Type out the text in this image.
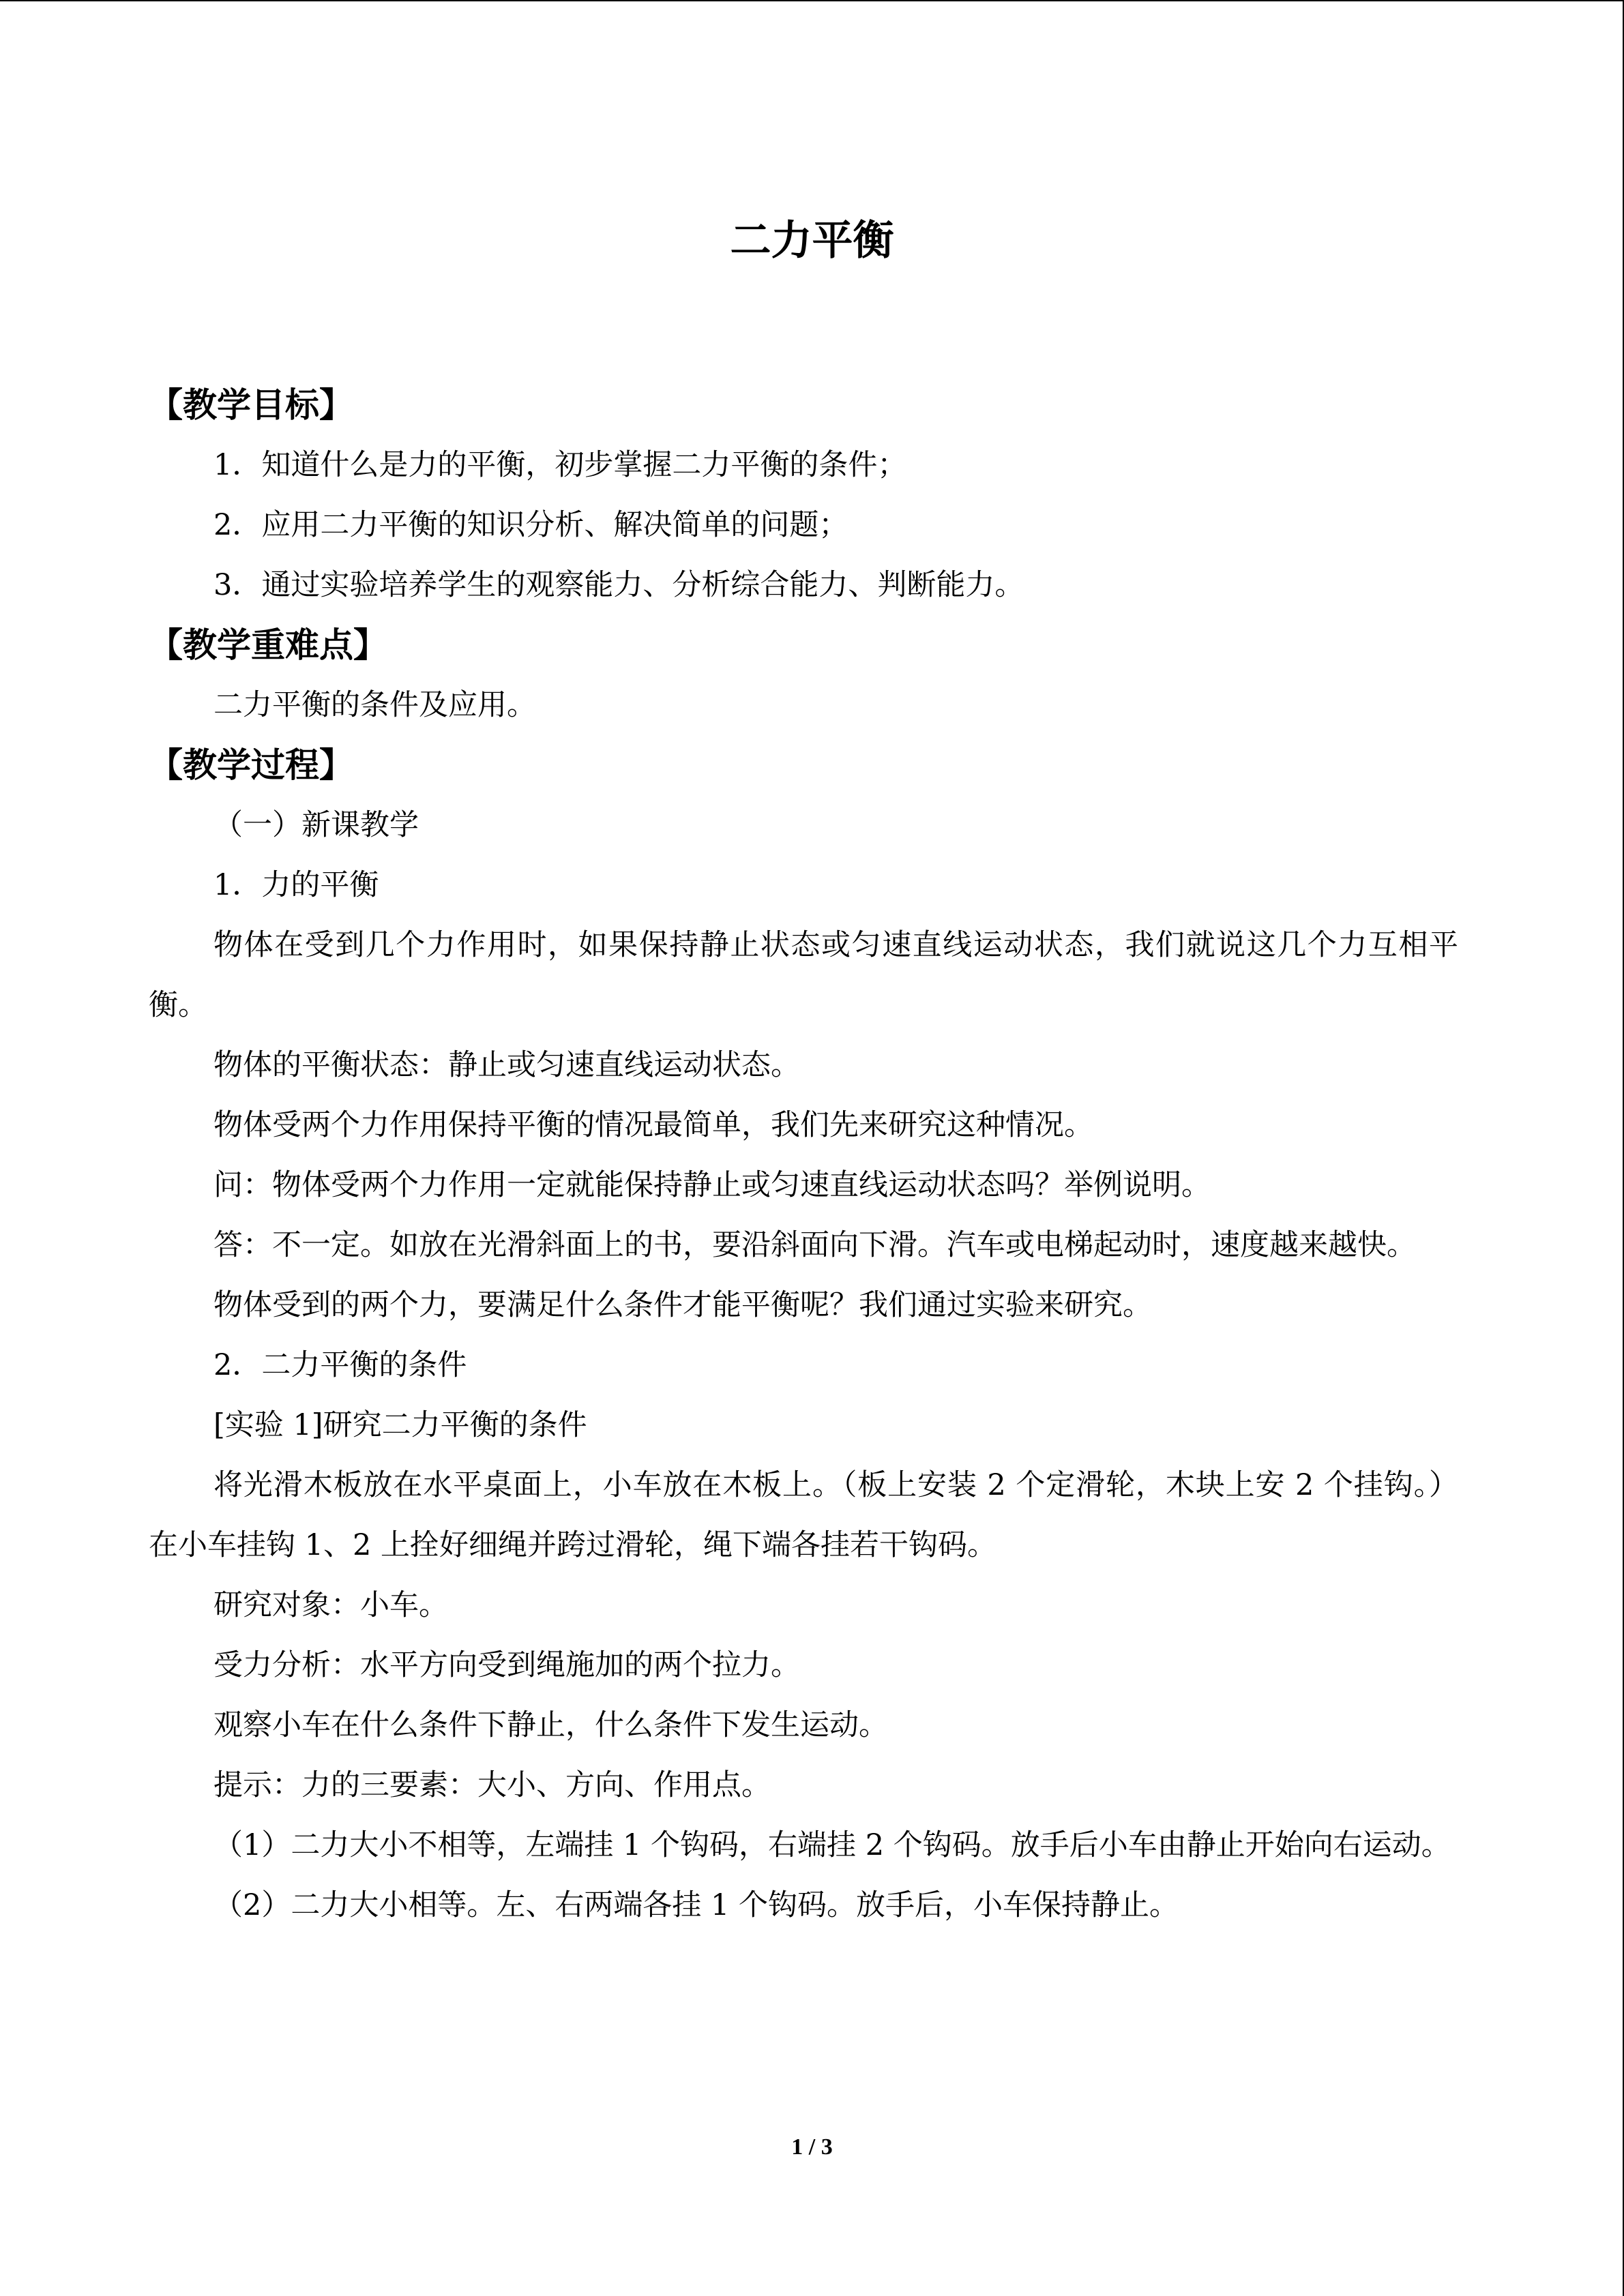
二力平衡
【教学目标】

1．知道什么是力的平衡，初步掌握二力平衡的条件；

2．应用二力平衡的知识分析、解决简单的问题；

3．通过实验培养学生的观察能力、分析综合能力、判断能力。

【教学重难点】

二力平衡的条件及应用。

【教学过程】

（一）新课教学

1．力的平衡

物体在受到几个力作用时，如果保持静止状态或匀速直线运动状态，我们就说这几个力互相平衡。

物体的平衡状态：静止或匀速直线运动状态。

物体受两个力作用保持平衡的情况最简单，我们先来研究这种情况。

问：物体受两个力作用一定就能保持静止或匀速直线运动状态吗？举例说明。

答：不一定。如放在光滑斜面上的书，要沿斜面向下滑。汽车或电梯起动时，速度越来越快。

物体受到的两个力，要满足什么条件才能平衡呢？我们通过实验来研究。

2．二力平衡的条件

[实验 1]研究二力平衡的条件

将光滑木板放在水平桌面上，小车放在木板上。（板上安装 2 个定滑轮，木块上安 2 个挂钩。）在小车挂钩 1、2 上拴好细绳并跨过滑轮，绳下端各挂若干钩码。

研究对象：小车。

受力分析：水平方向受到绳施加的两个拉力。

观察小车在什么条件下静止，什么条件下发生运动。

提示：力的三要素：大小、方向、作用点。

（1）二力大小不相等，左端挂 1 个钩码，右端挂 2 个钩码。放手后小车由静止开始向右运动。

（2）二力大小相等。左、右两端各挂 1 个钩码。放手后，小车保持静止。

1 / 3
